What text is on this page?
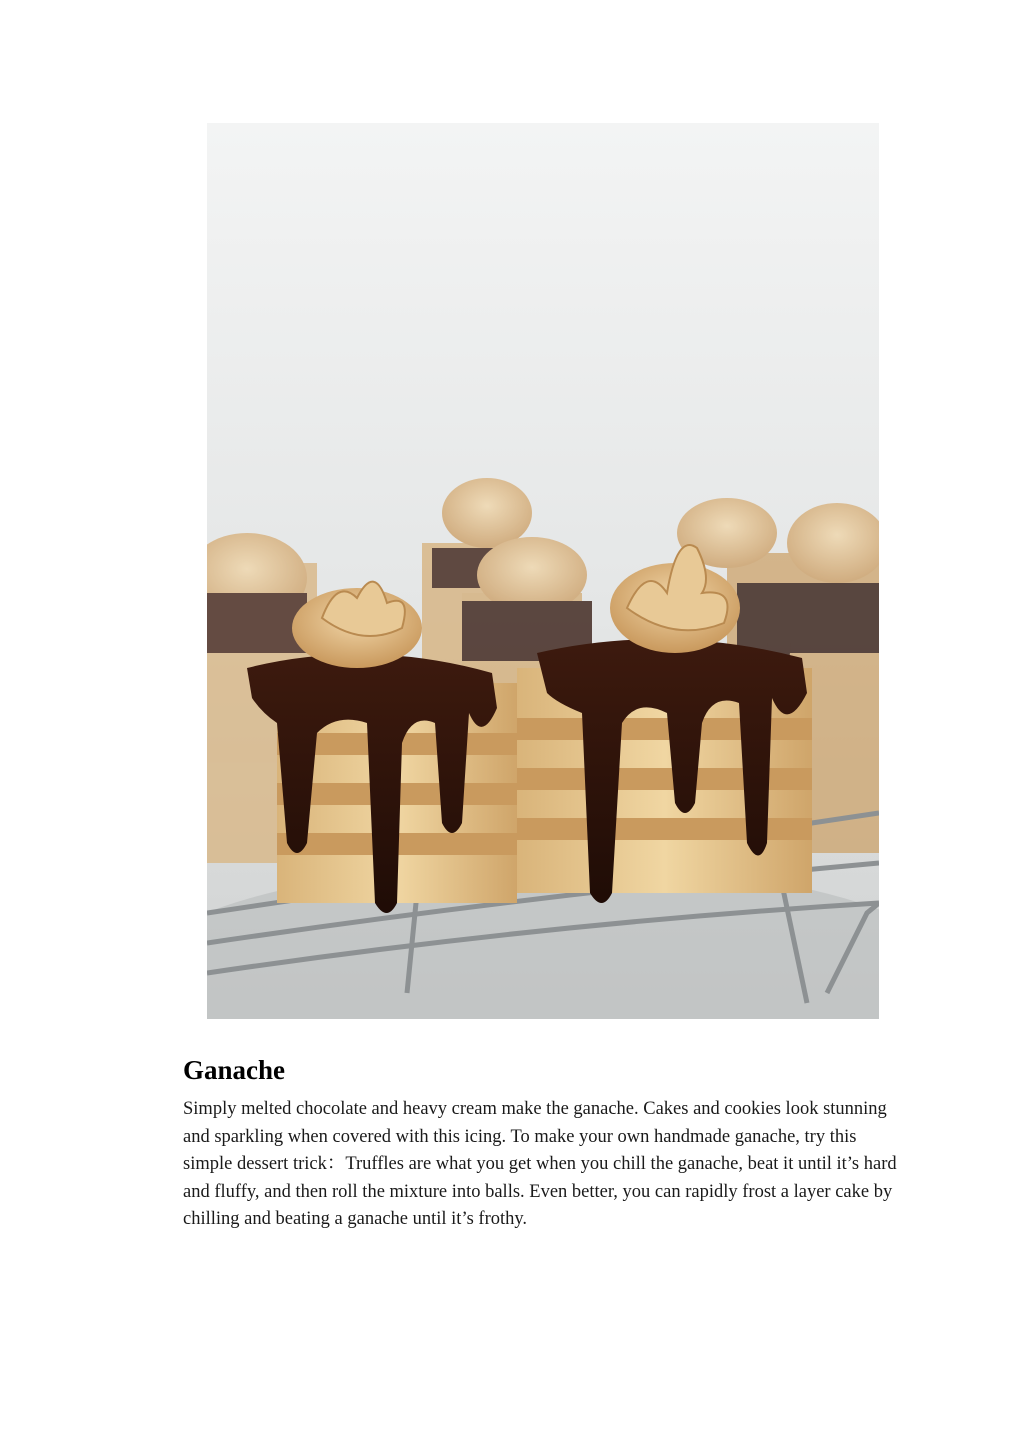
Ganache

Simply melted chocolate and heavy cream make the ganache. Cakes and cookies look stunning and sparkling when covered with this icing. To make your own handmade ganache, try this simple dessert trick：Truffles are what you get when you chill the ganache, beat it until it’s hard and fluffy, and then roll the mixture into balls. Even better, you can rapidly frost a layer cake by chilling and beating a ganache until it’s frothy.
